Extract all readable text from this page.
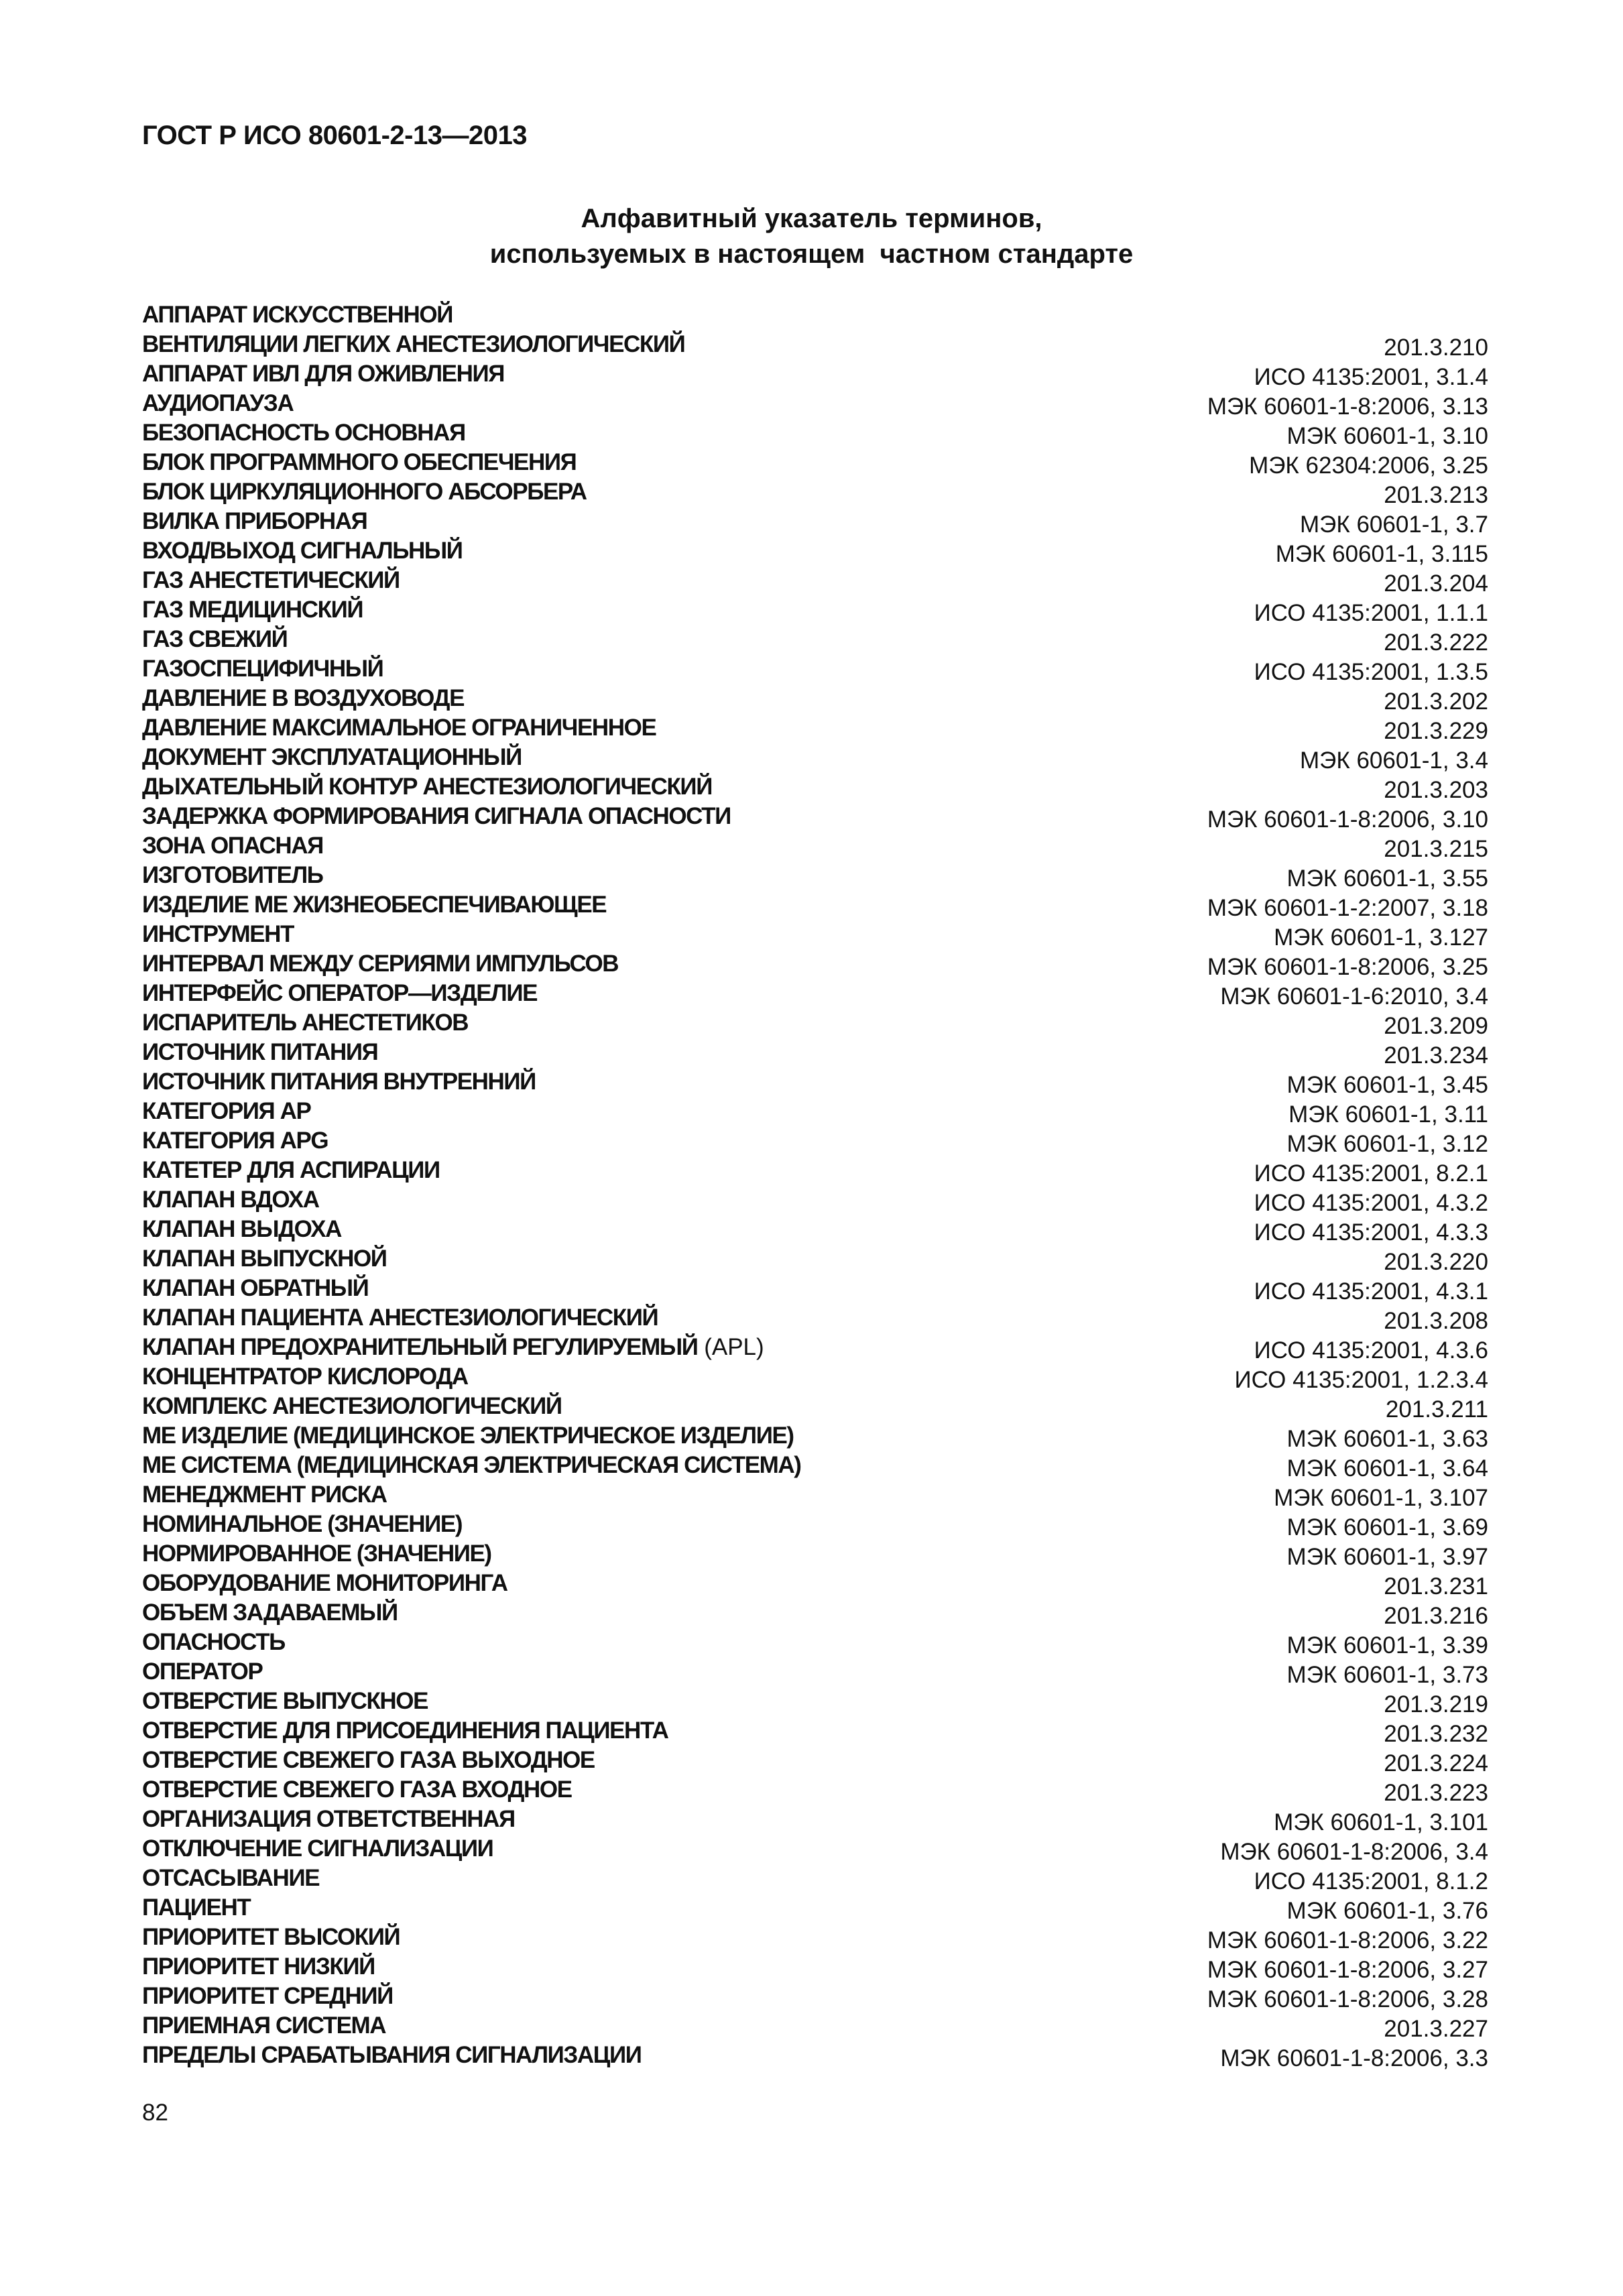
ГОСТ Р ИСО 80601-2-13—2013
Алфавитный указатель терминов,
используемых в настоящем  частном стандарте
АППАРАТ ИСКУССТВЕННОЙ
ВЕНТИЛЯЦИИ ЛЕГКИХ АНЕСТЕЗИОЛОГИЧЕСКИЙ	201.3.210
АППАРАТ ИВЛ ДЛЯ ОЖИВЛЕНИЯ	ИСО 4135:2001, 3.1.4
АУДИОПАУЗА	МЭК 60601-1-8:2006, 3.13
БЕЗОПАСНОСТЬ ОСНОВНАЯ	МЭК 60601-1, 3.10
БЛОК ПРОГРАММНОГО ОБЕСПЕЧЕНИЯ	МЭК 62304:2006, 3.25
БЛОК ЦИРКУЛЯЦИОННОГО АБСОРБЕРА	201.3.213
ВИЛКА ПРИБОРНАЯ	МЭК 60601-1, 3.7
ВХОД/ВЫХОД СИГНАЛЬНЫЙ	МЭК 60601-1, 3.115
ГАЗ АНЕСТЕТИЧЕСКИЙ	201.3.204
ГАЗ МЕДИЦИНСКИЙ	ИСО 4135:2001, 1.1.1
ГАЗ СВЕЖИЙ	201.3.222
ГАЗОСПЕЦИФИЧНЫЙ	ИСО 4135:2001, 1.3.5
ДАВЛЕНИЕ В ВОЗДУХОВОДЕ	201.3.202
ДАВЛЕНИЕ МАКСИМАЛЬНОЕ ОГРАНИЧЕННОЕ	201.3.229
ДОКУМЕНТ ЭКСПЛУАТАЦИОННЫЙ	МЭК 60601-1, 3.4
ДЫХАТЕЛЬНЫЙ КОНТУР АНЕСТЕЗИОЛОГИЧЕСКИЙ	201.3.203
ЗАДЕРЖКА ФОРМИРОВАНИЯ СИГНАЛА ОПАСНОСТИ	МЭК 60601-1-8:2006, 3.10
ЗОНА ОПАСНАЯ	201.3.215
ИЗГОТОВИТЕЛЬ	МЭК 60601-1, 3.55
ИЗДЕЛИЕ МЕ ЖИЗНЕОБЕСПЕЧИВАЮЩЕЕ	МЭК 60601-1-2:2007, 3.18
ИНСТРУМЕНТ	МЭК 60601-1, 3.127
ИНТЕРВАЛ МЕЖДУ СЕРИЯМИ ИМПУЛЬСОВ	МЭК 60601-1-8:2006, 3.25
ИНТЕРФЕЙС ОПЕРАТОР—ИЗДЕЛИЕ	МЭК 60601-1-6:2010, 3.4
ИСПАРИТЕЛЬ АНЕСТЕТИКОВ	201.3.209
ИСТОЧНИК ПИТАНИЯ	201.3.234
ИСТОЧНИК ПИТАНИЯ ВНУТРЕННИЙ	МЭК 60601-1, 3.45
КАТЕГОРИЯ АР	МЭК 60601-1, 3.11
КАТЕГОРИЯ APG	МЭК 60601-1, 3.12
КАТЕТЕР ДЛЯ АСПИРАЦИИ	ИСО 4135:2001, 8.2.1
КЛАПАН ВДОХА	ИСО 4135:2001, 4.3.2
КЛАПАН ВЫДОХА	ИСО 4135:2001, 4.3.3
КЛАПАН ВЫПУСКНОЙ	201.3.220
КЛАПАН ОБРАТНЫЙ	ИСО 4135:2001, 4.3.1
КЛАПАН ПАЦИЕНТА АНЕСТЕЗИОЛОГИЧЕСКИЙ	201.3.208
КЛАПАН ПРЕДОХРАНИТЕЛЬНЫЙ РЕГУЛИРУЕМЫЙ (APL)	ИСО 4135:2001, 4.3.6
КОНЦЕНТРАТОР КИСЛОРОДА	ИСО 4135:2001, 1.2.3.4
КОМПЛЕКС АНЕСТЕЗИОЛОГИЧЕСКИЙ	201.3.211
МЕ ИЗДЕЛИЕ (МЕДИЦИНСКОЕ ЭЛЕКТРИЧЕСКОЕ ИЗДЕЛИЕ)	МЭК 60601-1, 3.63
МЕ СИСТЕМА (МЕДИЦИНСКАЯ ЭЛЕКТРИЧЕСКАЯ СИСТЕМА)	МЭК 60601-1, 3.64
МЕНЕДЖМЕНТ РИСКА	МЭК 60601-1, 3.107
НОМИНАЛЬНОЕ (ЗНАЧЕНИЕ)	МЭК 60601-1, 3.69
НОРМИРОВАННОЕ (ЗНАЧЕНИЕ)	МЭК 60601-1, 3.97
ОБОРУДОВАНИЕ МОНИТОРИНГА	201.3.231
ОБЪЕМ ЗАДАВАЕМЫЙ	201.3.216
ОПАСНОСТЬ	МЭК 60601-1, 3.39
ОПЕРАТОР	МЭК 60601-1, 3.73
ОТВЕРСТИЕ ВЫПУСКНОЕ	201.3.219
ОТВЕРСТИЕ ДЛЯ ПРИСОЕДИНЕНИЯ ПАЦИЕНТА	201.3.232
ОТВЕРСТИЕ СВЕЖЕГО ГАЗА ВЫХОДНОЕ	201.3.224
ОТВЕРСТИЕ СВЕЖЕГО ГАЗА ВХОДНОЕ	201.3.223
ОРГАНИЗАЦИЯ ОТВЕТСТВЕННАЯ	МЭК 60601-1, 3.101
ОТКЛЮЧЕНИЕ СИГНАЛИЗАЦИИ	МЭК 60601-1-8:2006, 3.4
ОТСАСЫВАНИЕ	ИСО 4135:2001, 8.1.2
ПАЦИЕНТ	МЭК 60601-1, 3.76
ПРИОРИТЕТ ВЫСОКИЙ	МЭК 60601-1-8:2006, 3.22
ПРИОРИТЕТ НИЗКИЙ	МЭК 60601-1-8:2006, 3.27
ПРИОРИТЕТ СРЕДНИЙ	МЭК 60601-1-8:2006, 3.28
ПРИЕМНАЯ СИСТЕМА	201.3.227
ПРЕДЕЛЫ СРАБАТЫВАНИЯ СИГНАЛИЗАЦИИ	МЭК 60601-1-8:2006, 3.3
82
